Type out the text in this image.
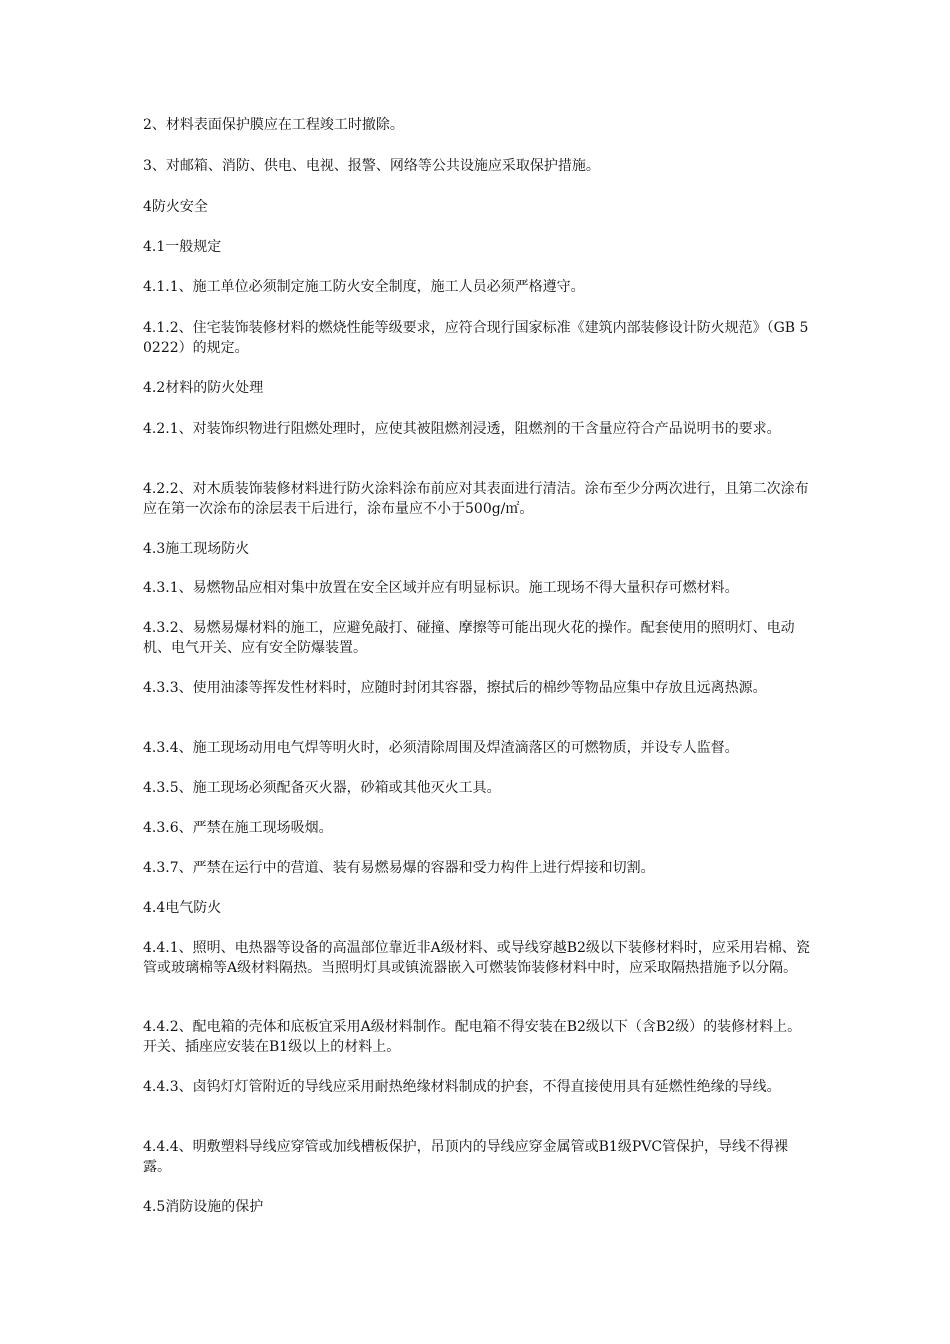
2、材料表面保护膜应在工程竣工时撤除。

3、对邮箱、消防、供电、电视、报警、网络等公共设施应采取保护措施。

4防火安全

4.1一般规定

4.1.1、施工单位必须制定施工防火安全制度，施工人员必须严格遵守。

4.1.2、住宅装饰装修材料的燃烧性能等级要求，应符合现行国家标准《建筑内部装修设计防火规范》（GB 50222）的规定。

4.2材料的防火处理

4.2.1、对装饰织物进行阻燃处理时，应使其被阻燃剂浸透，阻燃剂的干含量应符合产品说明书的要求。

4.2.2、对木质装饰装修材料进行防火涂料涂布前应对其表面进行清洁。涂布至少分两次进行，且第二次涂布应在第一次涂布的涂层表干后进行，涂布量应不小于500g/㎡。

4.3施工现场防火

4.3.1、易燃物品应相对集中放置在安全区域并应有明显标识。施工现场不得大量积存可燃材料。

4.3.2、易燃易爆材料的施工，应避免敲打、碰撞、摩擦等可能出现火花的操作。配套使用的照明灯、电动机、电气开关、应有安全防爆装置。

4.3.3、使用油漆等挥发性材料时，应随时封闭其容器，擦拭后的棉纱等物品应集中存放且远离热源。

4.3.4、施工现场动用电气焊等明火时，必须清除周围及焊渣滴落区的可燃物质，并设专人监督。

4.3.5、施工现场必须配备灭火器，砂箱或其他灭火工具。

4.3.6、严禁在施工现场吸烟。

4.3.7、严禁在运行中的营道、装有易燃易爆的容器和受力构件上进行焊接和切割。

4.4电气防火

4.4.1、照明、电热器等设备的高温部位靠近非A级材料、或导线穿越B2级以下装修材料时，应采用岩棉、瓷管或玻璃棉等A级材料隔热。当照明灯具或镇流器嵌入可燃装饰装修材料中时，应采取隔热措施予以分隔。

4.4.2、配电箱的壳体和底板宜采用A级材料制作。配电箱不得安装在B2级以下（含B2级）的装修材料上。开关、插座应安装在B1级以上的材料上。

4.4.3、卤钨灯灯管附近的导线应采用耐热绝缘材料制成的护套，不得直接使用具有延燃性绝缘的导线。

4.4.4、明敷塑料导线应穿管或加线槽板保护，吊顶内的导线应穿金属管或B1级PVC管保护，导线不得裸露。

4.5消防设施的保护
